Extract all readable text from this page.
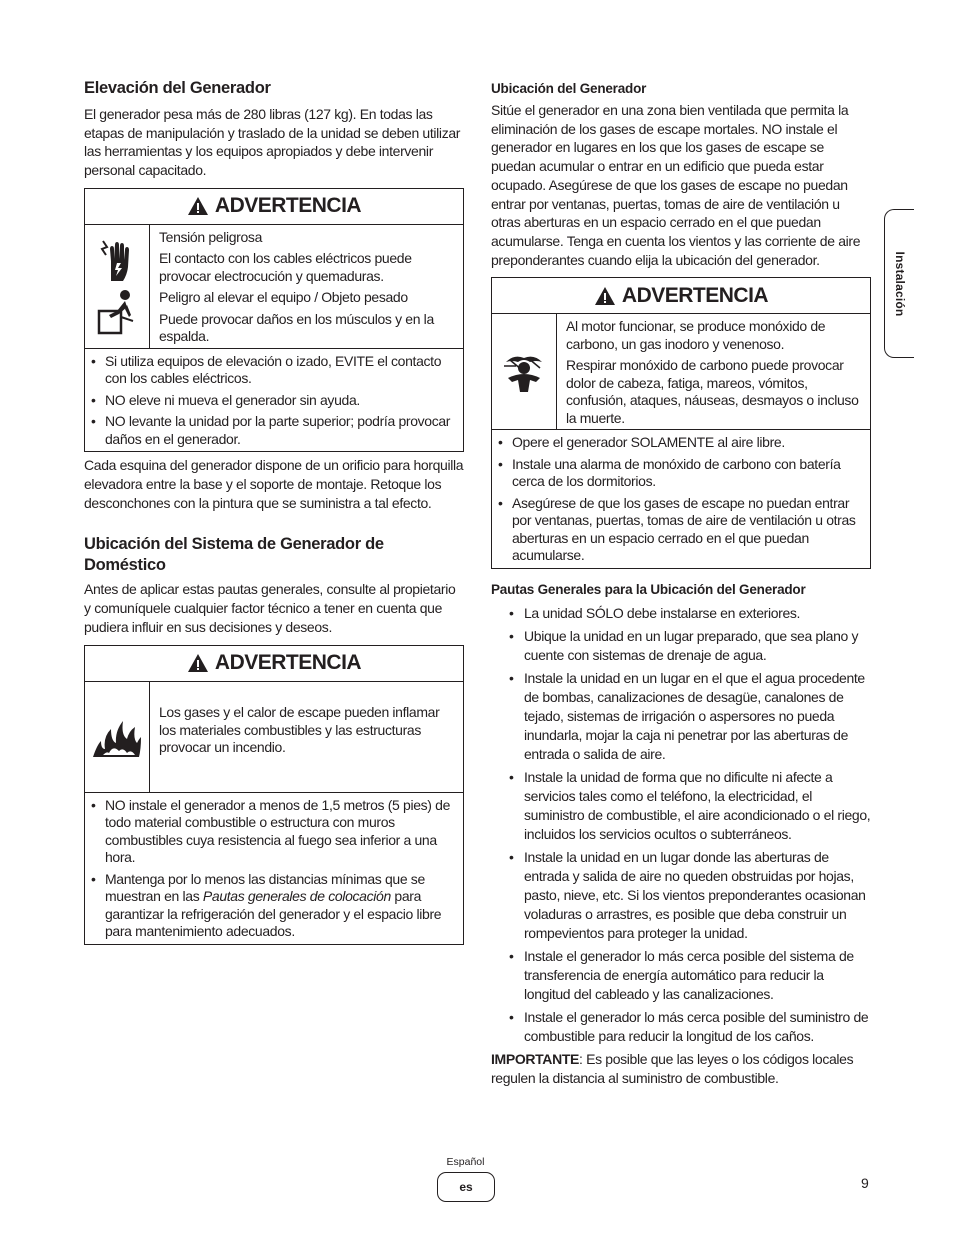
Elevación del Generador

El generador pesa más de 280 libras (127 kg). En todas las etapas de manipulación y traslado de la unidad se deben utilizar las herramientas y los equipos apropiados y debe intervenir personal capacitado.

ADVERTENCIA
Tensión peligrosa
El contacto con los cables eléctricos puede provocar electrocución y quemaduras.
Peligro al elevar el equipo / Objeto pesado
Puede provocar daños en los músculos y en la espalda.
• Si utiliza equipos de elevación o izado, EVITE el contacto con los cables eléctricos.
• NO eleve ni mueva el generador sin ayuda.
• NO levante la unidad por la parte superior; podría provocar daños en el generador.

Cada esquina del generador dispone de un orificio para horquilla elevadora entre la base y el soporte de montaje. Retoque los desconchones con la pintura que se suministra a tal efecto.

Ubicación del Sistema de Generador de Doméstico

Antes de aplicar estas pautas generales, consulte al propietario y comuníquele cualquier factor técnico a tener en cuenta que pudiera influir en sus decisiones y deseos.

ADVERTENCIA
Los gases y el calor de escape pueden inflamar los materiales combustibles y las estructuras provocar un incendio.
• NO instale el generador a menos de 1,5 metros (5 pies) de todo material combustible o estructura con muros combustibles cuya resistencia al fuego sea inferior a una hora.
• Mantenga por lo menos las distancias mínimas que se muestran en las Pautas generales de colocación para garantizar la refrigeración del generador y el espacio libre para mantenimiento adecuados.
Ubicación del Generador

Sitúe el generador en una zona bien ventilada que permita la eliminación de los gases de escape mortales. NO instale el generador en lugares en los que los gases de escape se puedan acumular o entrar en un edificio que pueda estar ocupado. Asegúrese de que los gases de escape no puedan entrar por ventanas, puertas, tomas de aire de ventilación u otras aberturas en un espacio cerrado en el que puedan acumularse. Tenga en cuenta los vientos y las corriente de aire preponderantes cuando elija la ubicación del generador.

ADVERTENCIA
Al motor funcionar, se produce monóxido de carbono, un gas inodoro y venenoso.
Respirar monóxido de carbono puede provocar dolor de cabeza, fatiga, mareos, vómitos, confusión, ataques, náuseas, desmayos o incluso la muerte.
• Opere el generador SOLAMENTE al aire libre.
• Instale una alarma de monóxido de carbono con batería cerca de los dormitorios.
• Asegúrese de que los gases de escape no puedan entrar por ventanas, puertas, tomas de aire de ventilación u otras aberturas en un espacio cerrado en el que puedan acumularse.
Pautas Generales para la Ubicación del Generador
• La unidad SÓLO debe instalarse en exteriores.
• Ubique la unidad en un lugar preparado, que sea plano y cuente con sistemas de drenaje de agua.
• Instale la unidad en un lugar en el que el agua procedente de bombas, canalizaciones de desagüe, canalones de tejado, sistemas de irrigación o aspersores no pueda inundarla, mojar la caja ni penetrar por las aberturas de entrada o salida de aire.
• Instale la unidad de forma que no dificulte ni afecte a servicios tales como el teléfono, la electricidad, el suministro de combustible, el aire acondicionado o el riego, incluidos los servicios ocultos o subterráneos.
• Instale la unidad en un lugar donde las aberturas de entrada y salida de aire no queden obstruidas por hojas, pasto, nieve, etc. Si los vientos preponderantes ocasionan voladuras o arrastres, es posible que deba construir un rompevientos para proteger la unidad.
• Instale el generador lo más cerca posible del sistema de transferencia de energía automático para reducir la longitud del cableado y las canalizaciones.
• Instale el generador lo más cerca posible del suministro de combustible para reducir la longitud de los caños.

IMPORTANTE: Es posible que las leyes o los códigos locales regulen la distancia al suministro de combustible.

Instalación
Español
es	9
